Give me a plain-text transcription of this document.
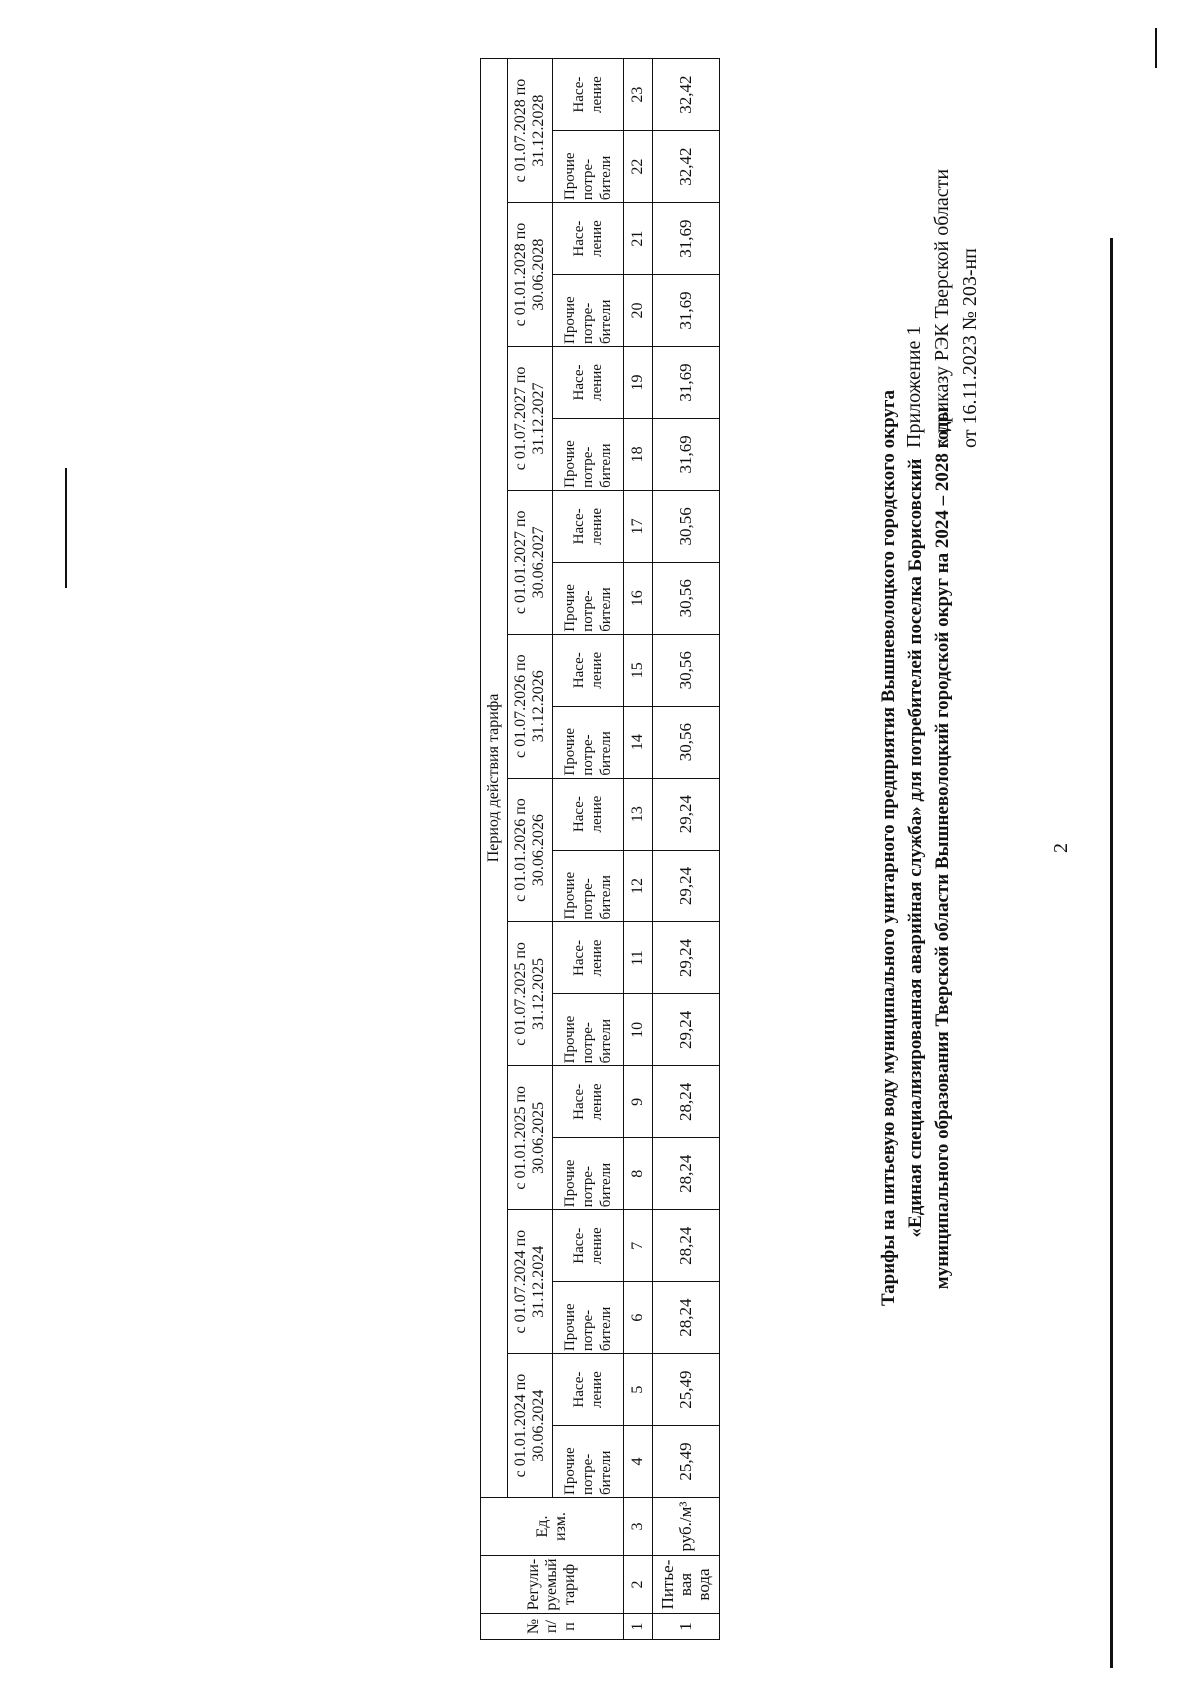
2
Приложение 1 к приказу РЭК Тверской области от 16.11.2023 № 203-нп
Тарифы на питьевую воду муниципального унитарного предприятия Вышневолоцкого городского округа «Единая специализированная аварийная служба» для потребителей поселка Борисовский муниципального образования Тверской области Вышневолоцкий городской округ на 2024 – 2028 годы
№ п/п	Регули-руемый тариф	Ед. изм.	Период действия тарифа																			
			с 01.01.2024 по 30.06.2024		с 01.07.2024 по 31.12.2024		с 01.01.2025 по 30.06.2025		с 01.07.2025 по 31.12.2025		с 01.01.2026 по 30.06.2026		с 01.07.2026 по 31.12.2026		с 01.01.2027 по 30.06.2027		с 01.07.2027 по 31.12.2027		с 01.01.2028 по 30.06.2028		с 01.07.2028 по 31.12.2028	
			Прочие потре-бители	Насе-ление	Прочие потре-бители	Насе-ление	Прочие потре-бители	Насе-ление	Прочие потре-бители	Насе-ление	Прочие потре-бители	Насе-ление	Прочие потре-бители	Насе-ление	Прочие потре-бители	Насе-ление	Прочие потре-бители	Насе-ление	Прочие потре-бители	Насе-ление	Прочие потре-бители	Насе-ление
1	2	3	4	5	6	7	8	9	10	11	12	13	14	15	16	17	18	19	20	21	22	23
1	Питье-вая вода	руб./м³	25,49	25,49	28,24	28,24	28,24	28,24	29,24	29,24	29,24	29,24	30,56	30,56	30,56	30,56	31,69	31,69	31,69	31,69	32,42	32,42
